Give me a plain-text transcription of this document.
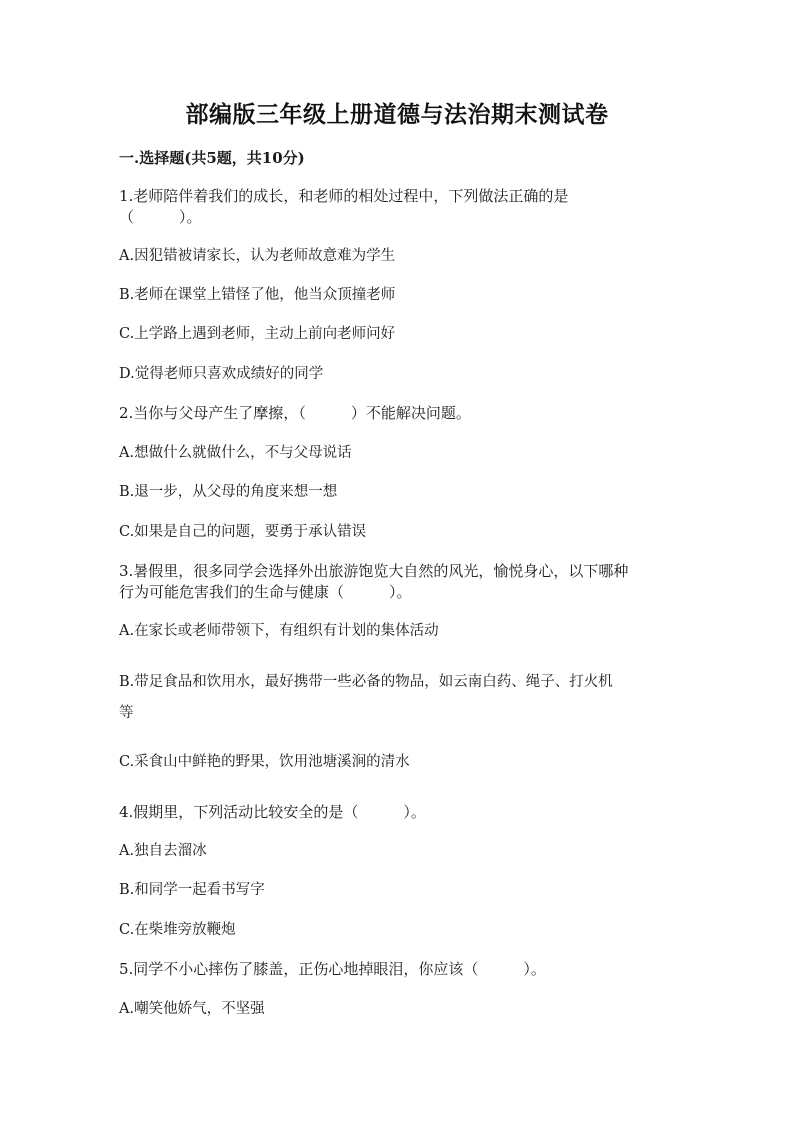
部编版三年级上册道德与法治期末测试卷
一.选择题(共5题，共10分)
1.老师陪伴着我们的成长，和老师的相处过程中，下列做法正确的是
（　　　）。
A.因犯错被请家长，认为老师故意难为学生
B.老师在课堂上错怪了他，他当众顶撞老师
C.上学路上遇到老师，主动上前向老师问好
D.觉得老师只喜欢成绩好的同学
2.当你与父母产生了摩擦，（　　　）不能解决问题。
A.想做什么就做什么，不与父母说话
B.退一步，从父母的角度来想一想
C.如果是自己的问题，要勇于承认错误
3.暑假里，很多同学会选择外出旅游饱览大自然的风光，愉悦身心，以下哪种
行为可能危害我们的生命与健康（　　　）。
A.在家长或老师带领下，有组织有计划的集体活动
B.带足食品和饮用水，最好携带一些必备的物品，如云南白药、绳子、打火机
等
C.采食山中鲜艳的野果，饮用池塘溪涧的清水
4.假期里，下列活动比较安全的是（　　　）。
A.独自去溜冰
B.和同学一起看书写字
C.在柴堆旁放鞭炮
5.同学不小心摔伤了膝盖，正伤心地掉眼泪，你应该（　　　）。
A.嘲笑他娇气，不坚强
